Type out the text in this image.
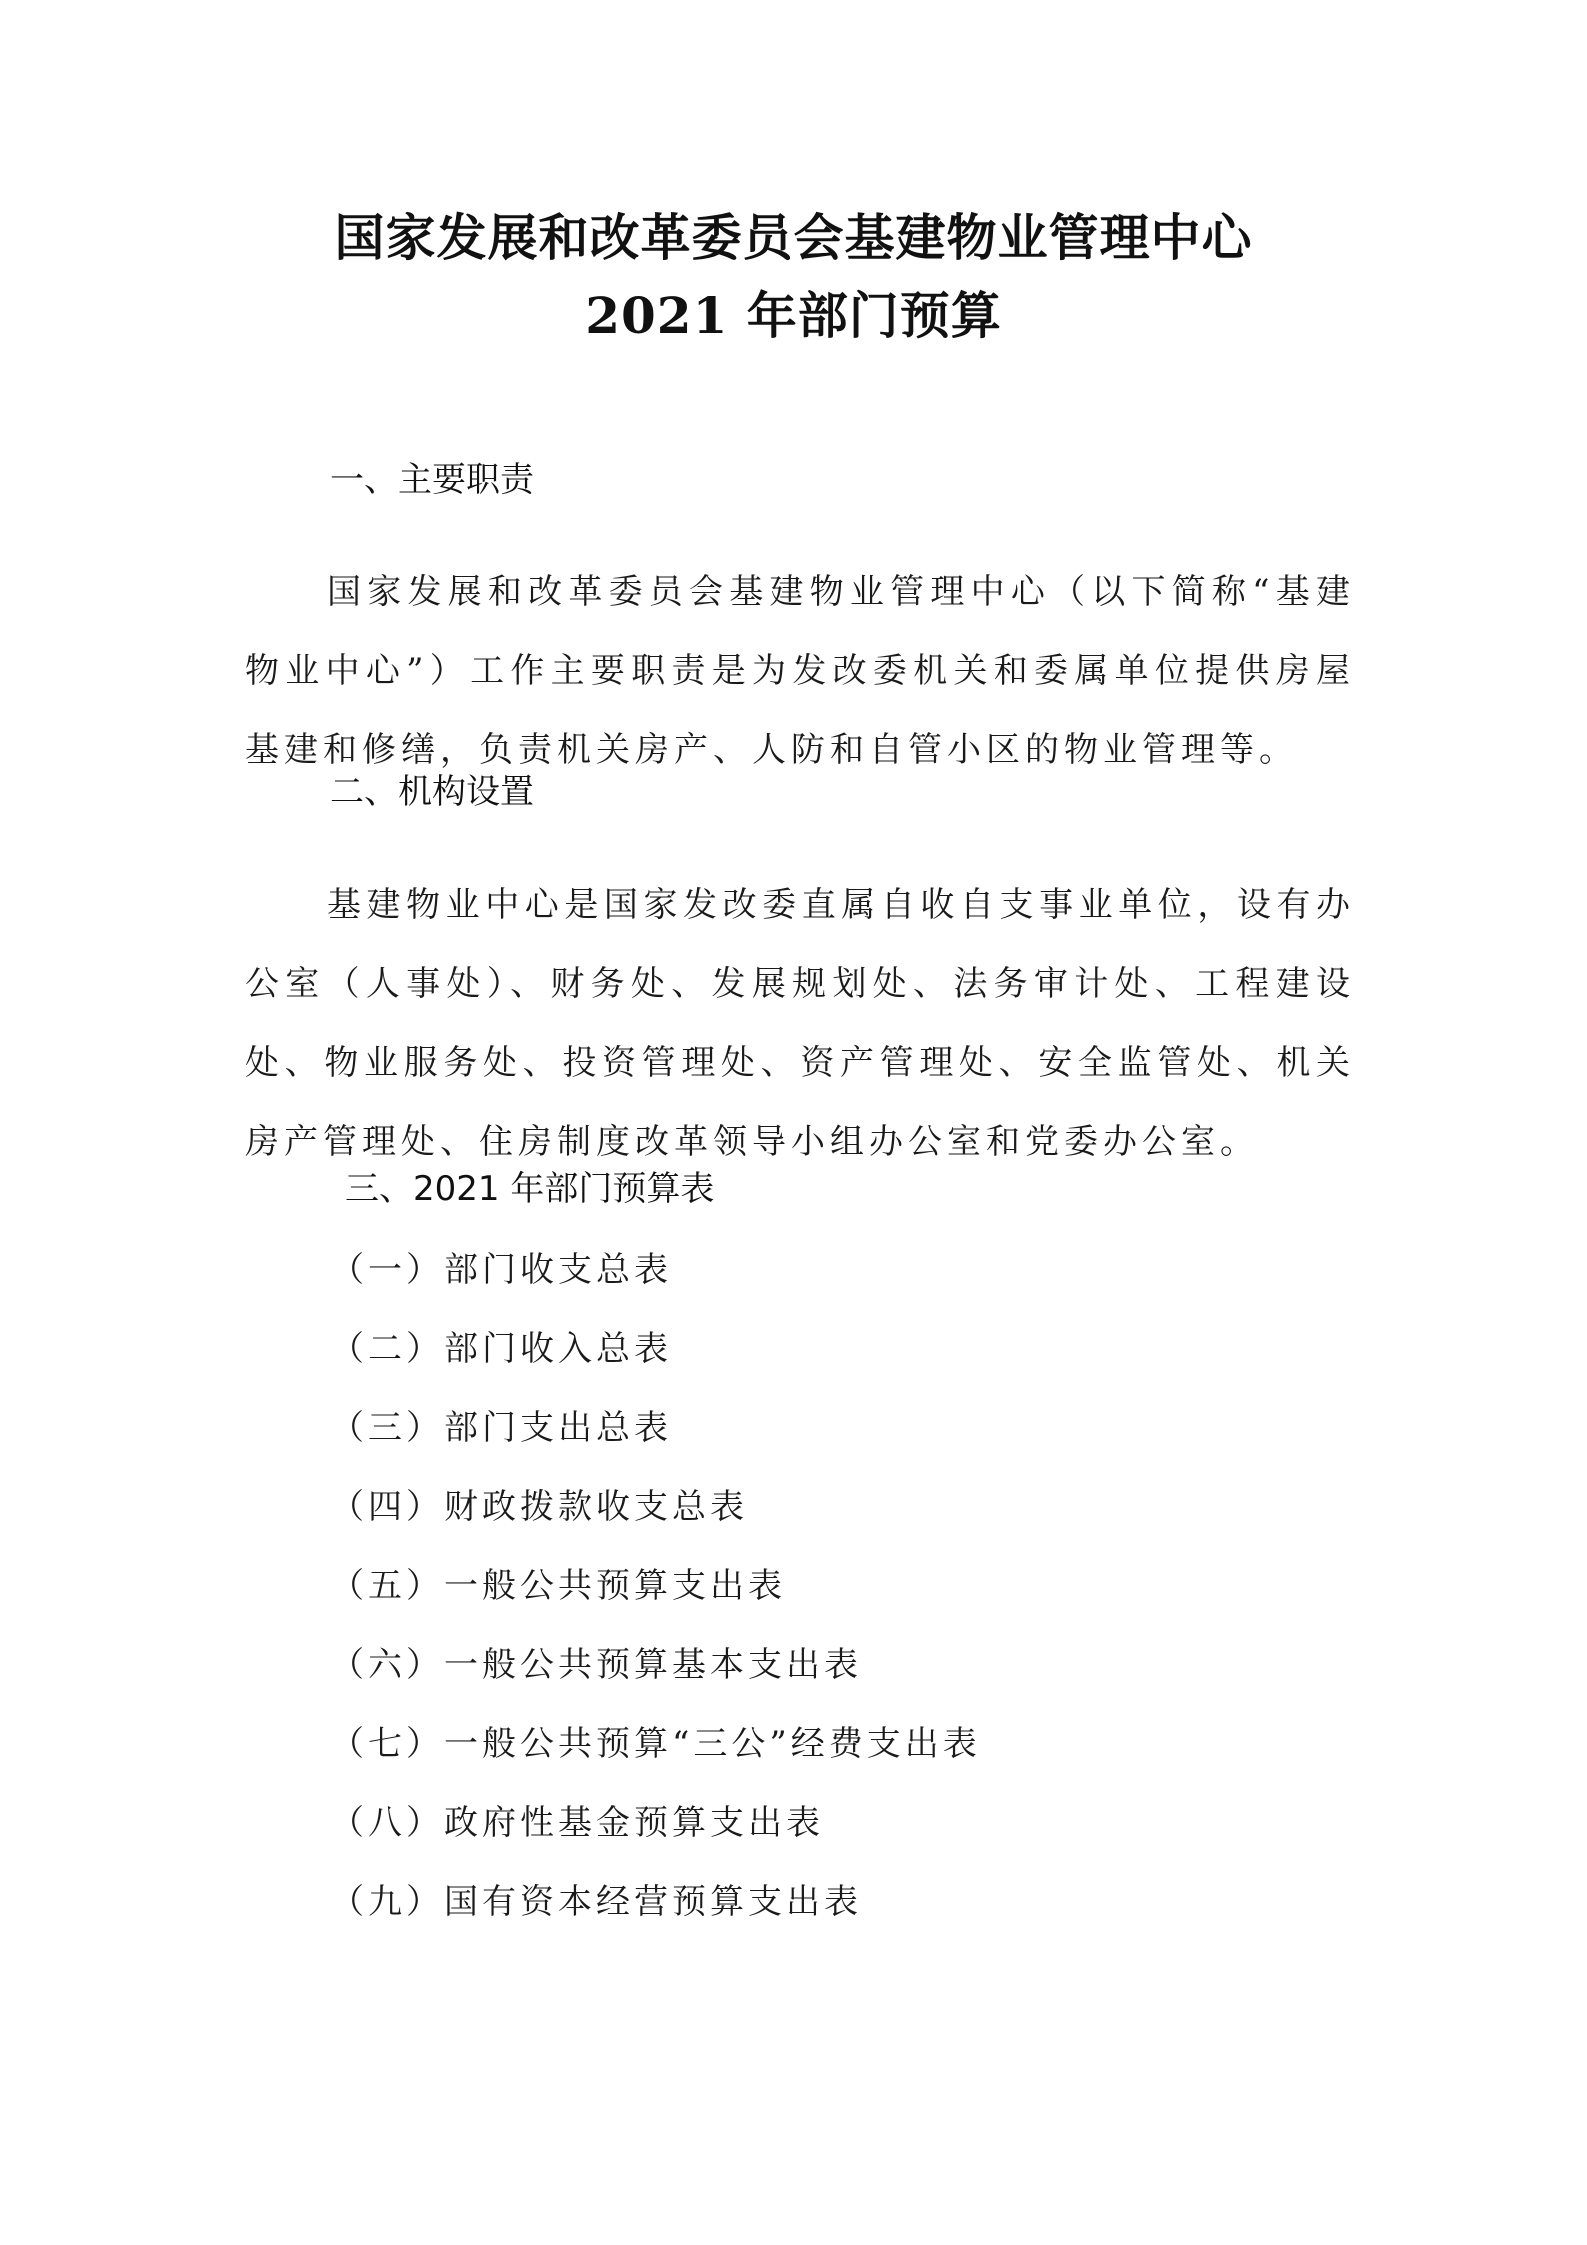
国家发展和改革委员会基建物业管理中心
2021 年部门预算
一、主要职责

国家发展和改革委员会基建物业管理中心（以下简称“基建物业中心”）工作主要职责是为发改委机关和委属单位提供房屋基建和修缮，负责机关房产、人防和自管小区的物业管理等。

二、机构设置

基建物业中心是国家发改委直属自收自支事业单位，设有办公室（人事处）、财务处、发展规划处、法务审计处、工程建设处、物业服务处、投资管理处、资产管理处、安全监管处、机关房产管理处、住房制度改革领导小组办公室和党委办公室。

三、2021 年部门预算表
（一）部门收支总表
（二）部门收入总表
（三）部门支出总表
（四）财政拨款收支总表
（五）一般公共预算支出表
（六）一般公共预算基本支出表
（七）一般公共预算“三公”经费支出表
（八）政府性基金预算支出表
（九）国有资本经营预算支出表
